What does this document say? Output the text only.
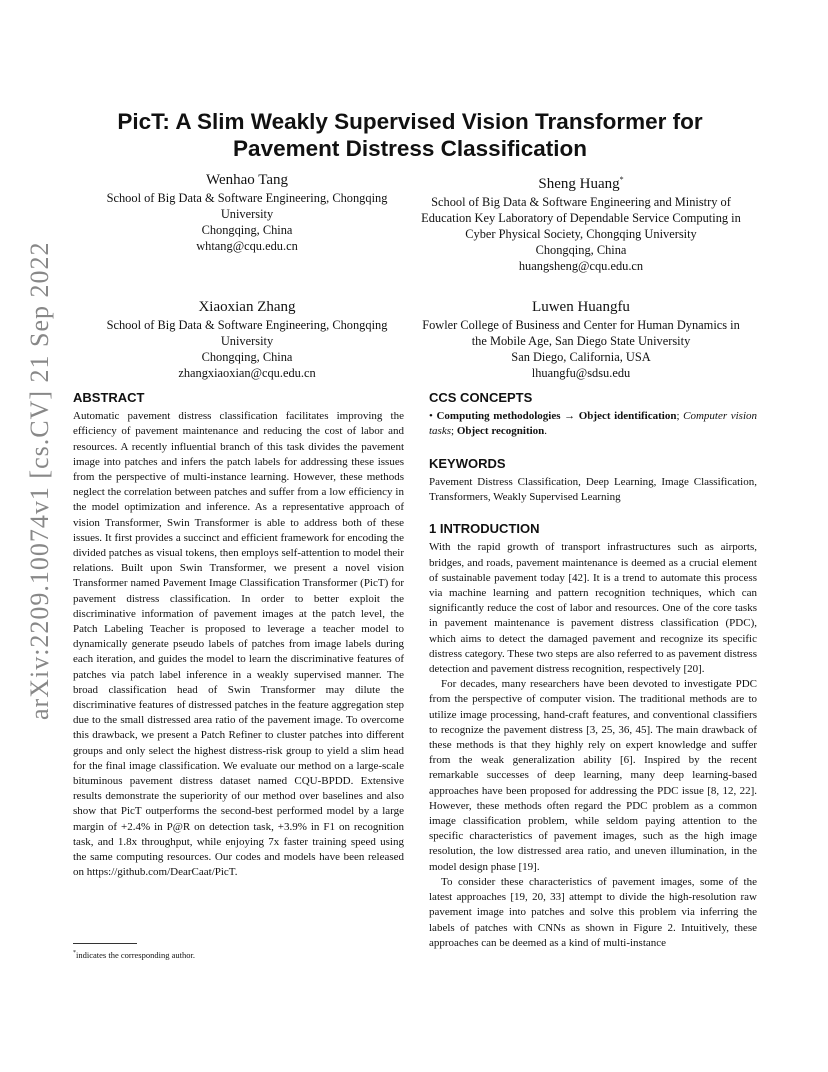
arXiv:2209.10074v1 [cs.CV] 21 Sep 2022
PicT: A Slim Weakly Supervised Vision Transformer for Pavement Distress Classification
Wenhao Tang
School of Big Data & Software Engineering, Chongqing University
Chongqing, China
whtang@cqu.edu.cn
Sheng Huang*
School of Big Data & Software Engineering and Ministry of Education Key Laboratory of Dependable Service Computing in Cyber Physical Society, Chongqing University
Chongqing, China
huangsheng@cqu.edu.cn
Xiaoxian Zhang
School of Big Data & Software Engineering, Chongqing University
Chongqing, China
zhangxiaoxian@cqu.edu.cn
Luwen Huangfu
Fowler College of Business and Center for Human Dynamics in the Mobile Age, San Diego State University
San Diego, California, USA
lhuangfu@sdsu.edu
ABSTRACT

Automatic pavement distress classification facilitates improving the efficiency of pavement maintenance and reducing the cost of labor and resources. A recently influential branch of this task divides the pavement image into patches and infers the patch labels for addressing these issues from the perspective of multi-instance learning. However, these methods neglect the correlation between patches and suffer from a low efficiency in the model optimization and inference. As a representative approach of vision Transformer, Swin Transformer is able to address both of these issues. It first provides a succinct and efficient framework for encoding the divided patches as visual tokens, then employs self-attention to model their relations. Built upon Swin Transformer, we present a novel vision Transformer named Pavement Image Classification Transformer (PicT) for pavement distress classification. In order to better exploit the discriminative information of pavement images at the patch level, the Patch Labeling Teacher is proposed to leverage a teacher model to dynamically generate pseudo labels of patches from image labels during each iteration, and guides the model to learn the discriminative features of patches via patch label inference in a weakly supervised manner. The broad classification head of Swin Transformer may dilute the discriminative features of distressed patches in the feature aggregation step due to the small distressed area ratio of the pavement image. To overcome this drawback, we present a Patch Refiner to cluster patches into different groups and only select the highest distress-risk group to yield a slim head for the final image classification. We evaluate our method on a large-scale bituminous pavement distress dataset named CQU-BPDD. Extensive results demonstrate the superiority of our method over baselines and also show that PicT outperforms the second-best performed model by a large margin of +2.4% in P@R on detection task, +3.9% in F1 on recognition task, and 1.8x throughput, while enjoying 7x faster training speed using the same computing resources. Our codes and models have been released on https://github.com/DearCaat/PicT.

CCS CONCEPTS

• Computing methodologies → Object identification; Computer vision tasks; Object recognition.

KEYWORDS

Pavement Distress Classification, Deep Learning, Image Classification, Transformers, Weakly Supervised Learning

1 INTRODUCTION

With the rapid growth of transport infrastructures such as airports, bridges, and roads, pavement maintenance is deemed as a crucial element of sustainable pavement today [42]. It is a trend to automate this process via machine learning and pattern recognition techniques, which can significantly reduce the cost of labor and resources. One of the core tasks in pavement maintenance is pavement distress classification (PDC), which aims to detect the damaged pavement and recognize its specific distress category. These two steps are also referred to as pavement distress detection and pavement distress recognition, respectively [20].

For decades, many researchers have been devoted to investigate PDC from the perspective of computer vision. The traditional methods are to utilize image processing, hand-craft features, and conventional classifiers to recognize the pavement distress [3, 25, 36, 45]. The main drawback of these methods is that they highly rely on expert knowledge and suffer from the weak generalization ability [6]. Inspired by the recent remarkable successes of deep learning, many deep learning-based approaches have been proposed for addressing the PDC issue [8, 12, 22]. However, these methods often regard the PDC problem as a common image classification problem, while seldom paying attention to the specific characteristics of pavement images, such as the high image resolution, the low distressed area ratio, and uneven illumination, in the model design phase [19].

To consider these characteristics of pavement images, some of the latest approaches [19, 20, 33] attempt to divide the high-resolution raw pavement image into patches and solve this problem via inferring the labels of patches with CNNs as shown in Figure 2. Intuitively, these approaches can be deemed as a kind of multi-instance

*indicates the corresponding author.
